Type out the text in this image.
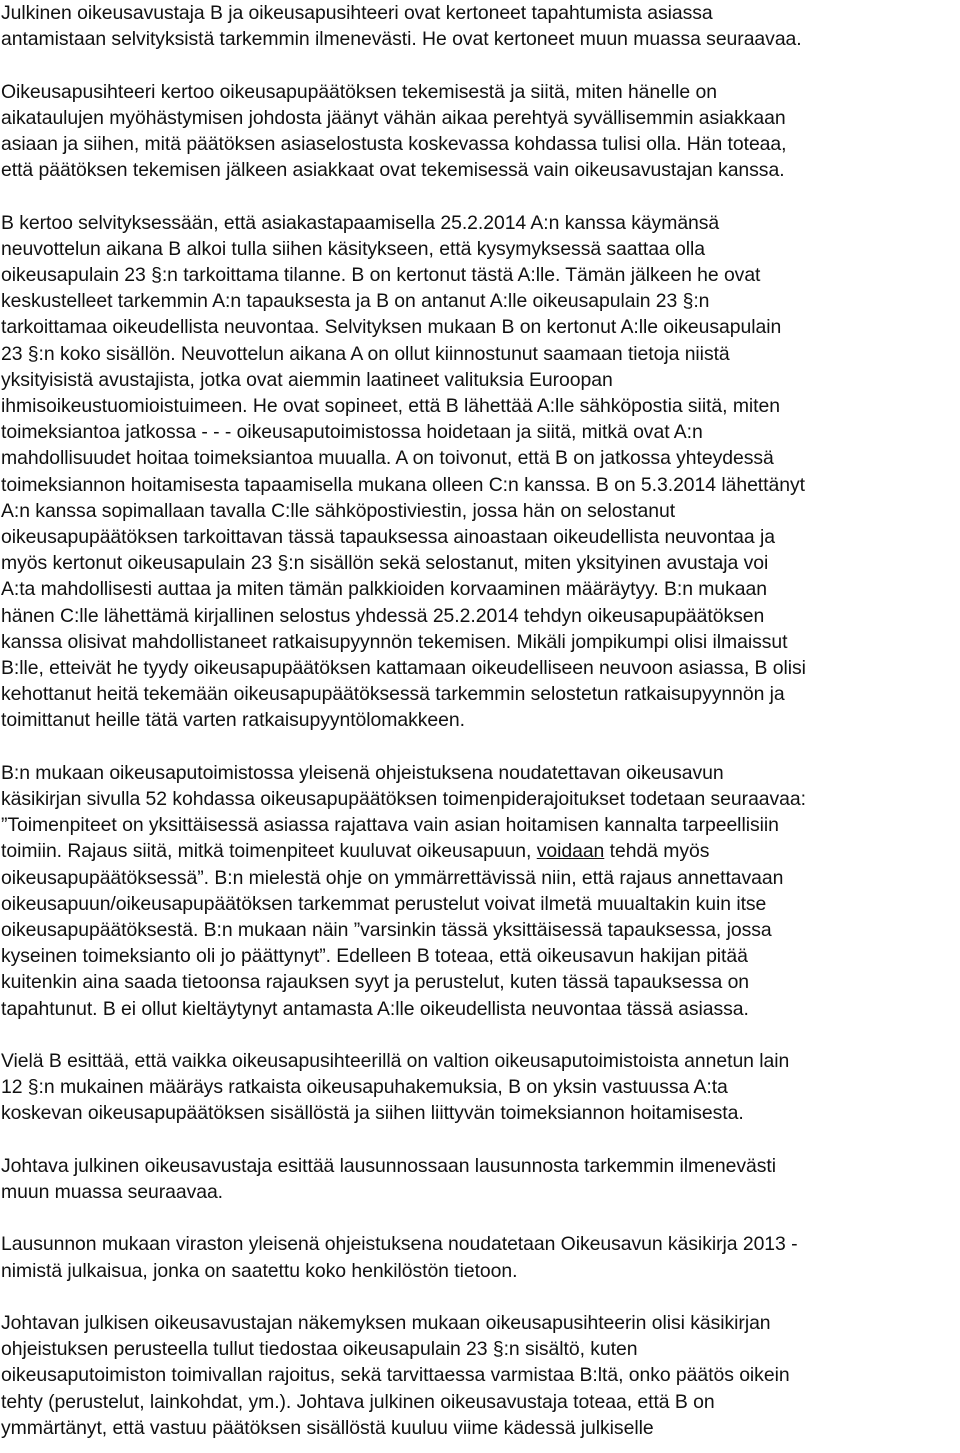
Julkinen oikeusavustaja B ja oikeusapusihteeri ovat kertoneet tapahtumista asiassa
antamistaan selvityksistä tarkemmin ilmenevästi. He ovat kertoneet muun muassa seuraavaa.

Oikeusapusihteeri kertoo oikeusapupäätöksen tekemisestä ja siitä, miten hänelle on
aikataulujen myöhästymisen johdosta jäänyt vähän aikaa perehtyä syvällisemmin asiakkaan
asiaan ja siihen, mitä päätöksen asiaselostusta koskevassa kohdassa tulisi olla. Hän toteaa,
että päätöksen tekemisen jälkeen asiakkaat ovat tekemisessä vain oikeusavustajan kanssa.

B kertoo selvityksessään, että asiakastapaamisella 25.2.2014 A:n kanssa käymänsä
neuvottelun aikana B alkoi tulla siihen käsitykseen, että kysymyksessä saattaa olla
oikeusapulain 23 §:n tarkoittama tilanne. B on kertonut tästä A:lle. Tämän jälkeen he ovat
keskustelleet tarkemmin A:n tapauksesta ja B on antanut A:lle oikeusapulain 23 §:n
tarkoittamaa oikeudellista neuvontaa. Selvityksen mukaan B on kertonut A:lle oikeusapulain
23 §:n koko sisällön. Neuvottelun aikana A on ollut kiinnostunut saamaan tietoja niistä
yksityisistä avustajista, jotka ovat aiemmin laatineet valituksia Euroopan
ihmisoikeustuomioistuimeen. He ovat sopineet, että B lähettää A:lle sähköpostia siitä, miten
toimeksiantoa jatkossa - - - oikeusaputoimistossa hoidetaan ja siitä, mitkä ovat A:n
mahdollisuudet hoitaa toimeksiantoa muualla. A on toivonut, että B on jatkossa yhteydessä
toimeksiannon hoitamisesta tapaamisella mukana olleen C:n kanssa. B on 5.3.2014 lähettänyt
A:n kanssa sopimallaan tavalla C:lle sähköpostiviestin, jossa hän on selostanut
oikeusapupäätöksen tarkoittavan tässä tapauksessa ainoastaan oikeudellista neuvontaa ja
myös kertonut oikeusapulain 23 §:n sisällön sekä selostanut, miten yksityinen avustaja voi
A:ta mahdollisesti auttaa ja miten tämän palkkioiden korvaaminen määräytyy. B:n mukaan
hänen C:lle lähettämä kirjallinen selostus yhdessä 25.2.2014 tehdyn oikeusapupäätöksen
kanssa olisivat mahdollistaneet ratkaisupyynnön tekemisen. Mikäli jompikumpi olisi ilmaissut
B:lle, etteivät he tyydy oikeusapupäätöksen kattamaan oikeudelliseen neuvoon asiassa, B olisi
kehottanut heitä tekemään oikeusapupäätöksessä tarkemmin selostetun ratkaisupyynnön ja
toimittanut heille tätä varten ratkaisupyyntölomakkeen.

B:n mukaan oikeusaputoimistossa yleisenä ohjeistuksena noudatettavan oikeusavun
käsikirjan sivulla 52 kohdassa oikeusapupäätöksen toimenpiderajoitukset todetaan seuraavaa:
”Toimenpiteet on yksittäisessä asiassa rajattava vain asian hoitamisen kannalta tarpeellisiin
toimiin. Rajaus siitä, mitkä toimenpiteet kuuluvat oikeusapuun, voidaan tehdä myös
oikeusapupäätöksessä”. B:n mielestä ohje on ymmärrettävissä niin, että rajaus annettavaan
oikeusapuun/oikeusapupäätöksen tarkemmat perustelut voivat ilmetä muualtakin kuin itse
oikeusapupäätöksestä. B:n mukaan näin ”varsinkin tässä yksittäisessä tapauksessa, jossa
kyseinen toimeksianto oli jo päättynyt”. Edelleen B toteaa, että oikeusavun hakijan pitää
kuitenkin aina saada tietoonsa rajauksen syyt ja perustelut, kuten tässä tapauksessa on
tapahtunut. B ei ollut kieltäytynyt antamasta A:lle oikeudellista neuvontaa tässä asiassa.

Vielä B esittää, että vaikka oikeusapusihteerillä on valtion oikeusaputoimistoista annetun lain
12 §:n mukainen määräys ratkaista oikeusapuhakemuksia, B on yksin vastuussa A:ta
koskevan oikeusapupäätöksen sisällöstä ja siihen liittyvän toimeksiannon hoitamisesta.

Johtava julkinen oikeusavustaja esittää lausunnossaan lausunnosta tarkemmin ilmenevästi
muun muassa seuraavaa.

Lausunnon mukaan viraston yleisenä ohjeistuksena noudatetaan Oikeusavun käsikirja 2013 -
nimistä julkaisua, jonka on saatettu koko henkilöstön tietoon.

Johtavan julkisen oikeusavustajan näkemyksen mukaan oikeusapusihteerin olisi käsikirjan
ohjeistuksen perusteella tullut tiedostaa oikeusapulain 23 §:n sisältö, kuten
oikeusaputoimiston toimivallan rajoitus, sekä tarvittaessa varmistaa B:ltä, onko päätös oikein
tehty (perustelut, lainkohdat, ym.). Johtava julkinen oikeusavustaja toteaa, että B on
ymmärtänyt, että vastuu päätöksen sisällöstä kuuluu viime kädessä julkiselle
